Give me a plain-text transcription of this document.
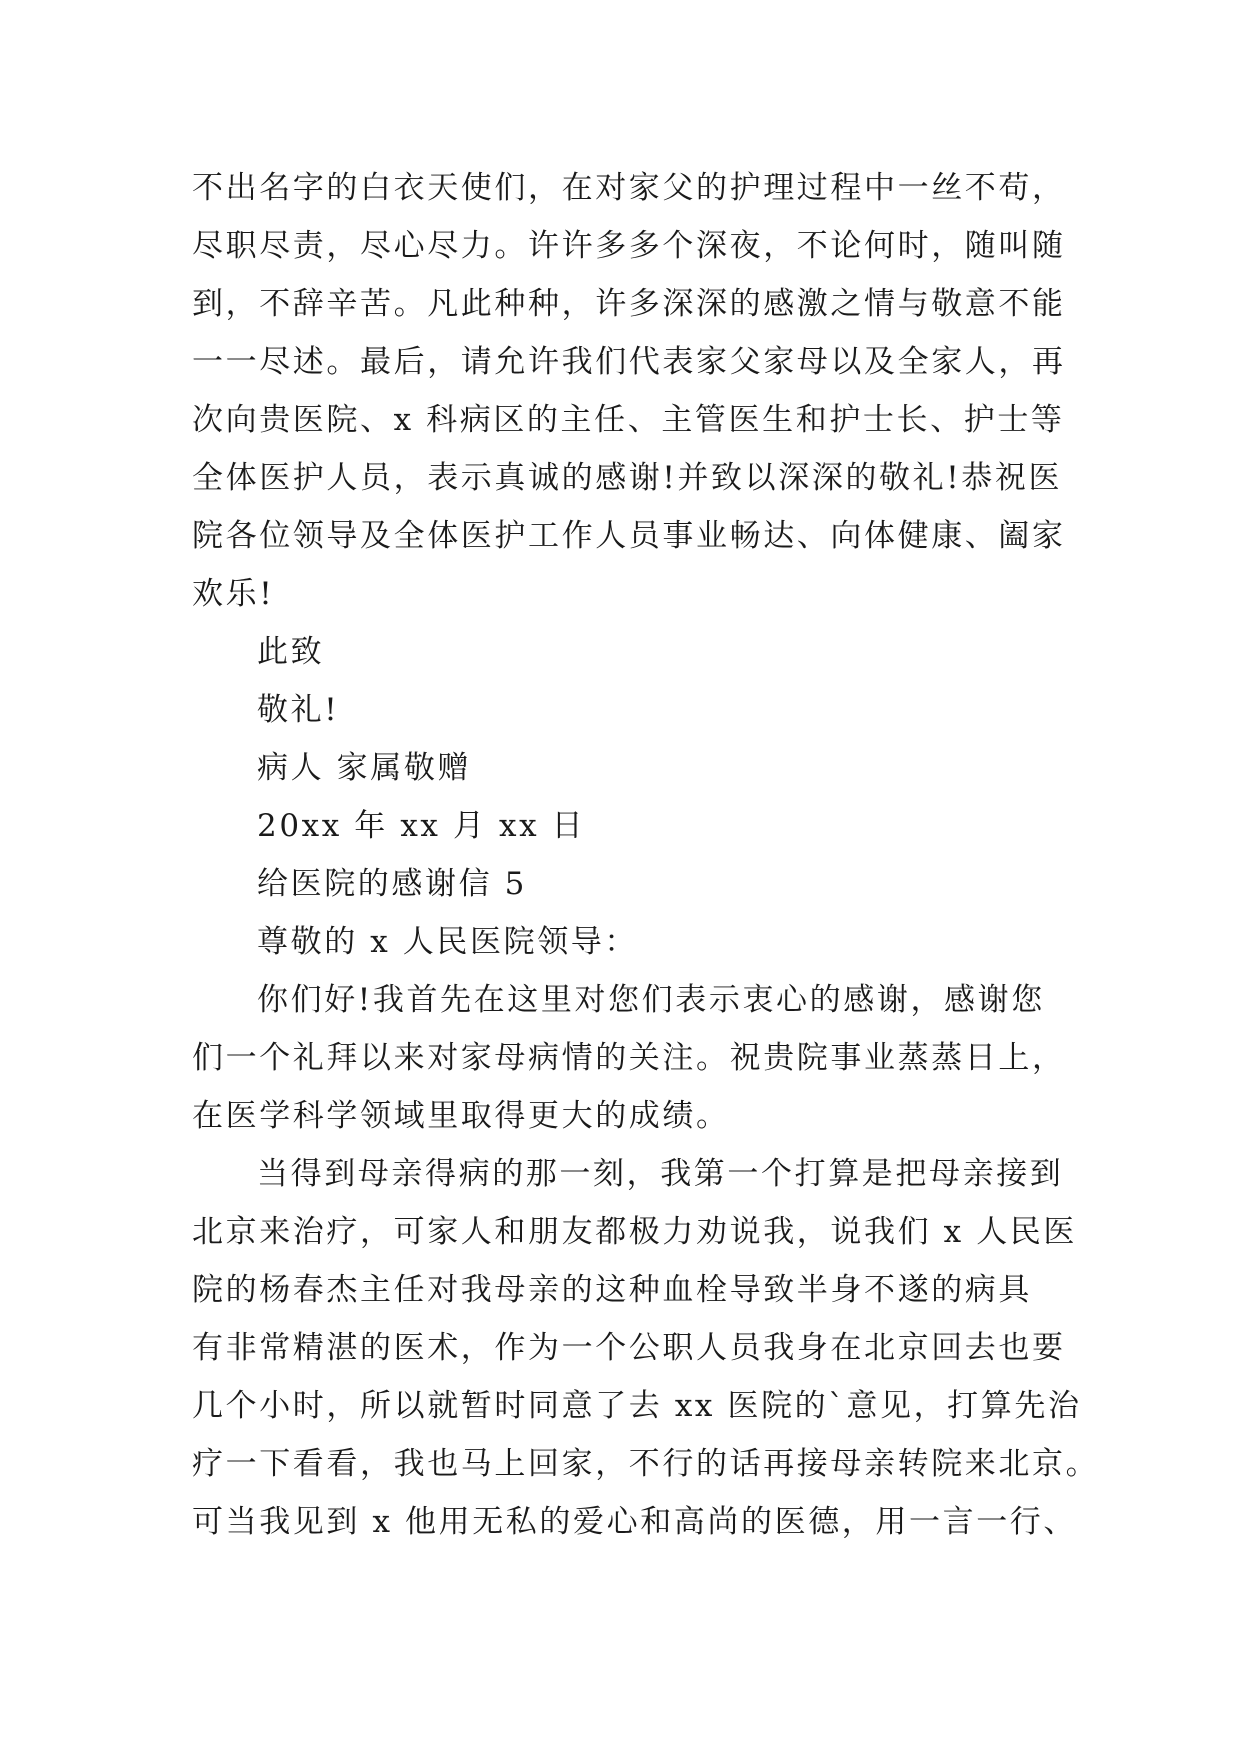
不出名字的白衣天使们，在对家父的护理过程中一丝不苟，
尽职尽责，尽心尽力。许许多多个深夜，不论何时，随叫随
到，不辞辛苦。凡此种种，许多深深的感激之情与敬意不能
一一尽述。最后，请允许我们代表家父家母以及全家人，再
次向贵医院、x 科病区的主任、主管医生和护士长、护士等
全体医护人员，表示真诚的感谢!并致以深深的敬礼!恭祝医
院各位领导及全体医护工作人员事业畅达、向体健康、阖家
欢乐!
此致
敬礼!
病人 家属敬赠
20xx 年 xx 月 xx 日
给医院的感谢信 5
尊敬的 x 人民医院领导：
你们好!我首先在这里对您们表示衷心的感谢，感谢您
们一个礼拜以来对家母病情的关注。祝贵院事业蒸蒸日上，
在医学科学领域里取得更大的成绩。
当得到母亲得病的那一刻，我第一个打算是把母亲接到
北京来治疗，可家人和朋友都极力劝说我，说我们 x 人民医
院的杨春杰主任对我母亲的这种血栓导致半身不遂的病具
有非常精湛的医术，作为一个公职人员我身在北京回去也要
几个小时，所以就暂时同意了去 xx 医院的`意见，打算先治
疗一下看看，我也马上回家，不行的话再接母亲转院来北京。
可当我见到 x 他用无私的爱心和高尚的医德，用一言一行、
